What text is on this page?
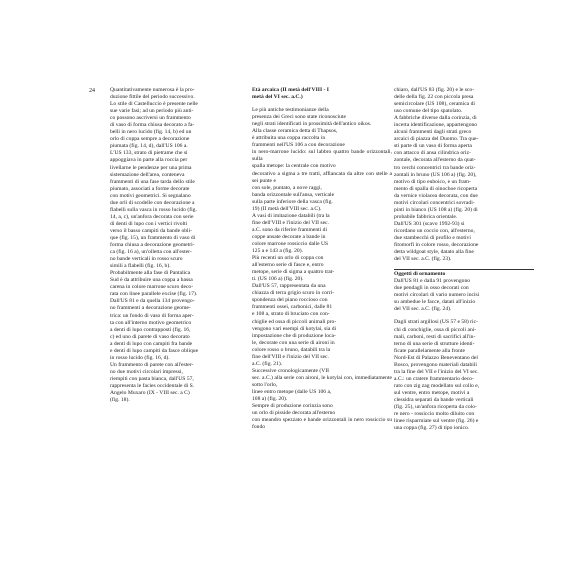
24	Quantitativamente numerosa è la pro-
duzione fittile del periodo successivo.
Lo stile di Castelluccio è presente nelle
sue varie fasi; ad un periodo più anti-
co possono ascriversi un frammento
di vaso di forma chiusa decorato a fa-
belli in nero lucido (fig. 14, b) ed un
orlo di coppa sempre a decorazione
piumata (fig. 14, d), dall'US 106 a.
L'US 133, strato di pietrame che si
appoggiava in parte alla roccia per
livellarne le pendenze per una prima
sistemazione dell'area, conteneva
frammenti di una fase tarda dello stile
piumato, associati a forme decorate
con motivi geometrici. Si segnalano
due orli di scodelle con decorazione a
flabelli sulla vasca in rosso lucido (fig.
14, a, c), un'anfora decorata con serie
di denti di lupo con i vertici rivolti
verso il basso campiti da bande obli-
que (fig. 15), un frammento di vaso di
forma chiusa a decorazione geometri-
ca (fig. 16 a), un'olletta con all'ester-
no bande verticali in rosso scuro
simili a flabelli (fig. 16, b).

Probabilmente alla fase di Pantalica
Sud è da attribuire una coppa a bassa
carena in colore marrone scuro deco-
rata con linee parallele excise (fig. 17).
Dall'US 81 e da quella 134 provengo-
no frammenti a decorazione geome-
trica: un fondo di vaso di forma aper-
ta con all'interno motivo geometrico
a denti di lupo contrapposti (fig. 16,
c) ed uno di parete di vaso decorato
a denti di lupo con campiti fra bande
e denti di lupo campiti da fasce oblique
in rosso lucido (fig. 16, d).

Un frammento di parete con all'ester-
no due motivi circolari impressi,
riempiti con pasta bianca, dall'US 57,
rappresenta le facies occidentale di S.
Angelo Muxaro (IX - VIII sec. a C)
(fig. 18).

Età arcaica (II metà dell'VIII - I
metà del VI sec. a.C.)

Le più antiche testimonianze della
presenza dei Greci sono state riconosciute
negli strati identificati in prossimità dell'antico oikos.
Alla classe ceramica detta di Thapsos,
è attribuita una coppa raccolta in
frammenti nell'US 106 a con decorazione
in nero-marrone lucido: sul labbro quattro bande orizzontali, sulla
spalla metope: la centrale con motivo
decorativo a sigma a tre tratti, affiancata da altre con stelle a sei punte e
con sole, puntato, a nove raggi,
banda orizzontale sull'ansa, verticale
sulla parte inferiore della vasca (fig.
19) (II metà dell'VIII sec. a.C).

A vasi di imitazione databili (tra la
fine dell'VIII e l'inizio del VII sec.
a.C. sono da riferire frammenti di
coppe ansate decorate a bande in
colore marrone rossiccio dalle US
125 a e 143 a (fig. 20).

Più recenti un orlo di coppa con
all'esterno serie di fasce e, entro
metope, serie di sigma a quattro trat-
ti. (US 106 a) (fig. 20).

Dall'US 57, rappresentata da una
chiazza di terra grigio scuro in corri-
spondenza del piano roccioso con
frammenti ossei, carbonici, dalle 81
e 108 a, strato di bruciato con con-
chiglie ed ossa di piccoli animali pro-
vengono vari esempi di kotylai, sia di
impostazione che di produzione loca-
le, decorate con una serie di aironi in
colore rosso o bruno, databili tra la
fine dell'VIII e l'inizio del VII sec.
a.C. (fig. 21).

Successive cronologicamente (VII
sec. a.C.) alla serie con aironi, le kotylai con, immediatamente sotto l'orlo,
linee entro metope (dalle US 106 a,
108 a) (fig. 20).

Sempre di produzione corinzia sono
un orlo di pisside decorata all'esterno
con meandro spezzato e bande orizzontali in nero rossiccio su fondo

chiaro, dall'US 83 (fig. 20) e le sco-
delle della fig. 22 con piccola presa
semicircolare (US 108), ceramica di
uso comune del tipo spatolato.

A fabbriche diverse dalla corinzia, di
incerta identificazione, appartengono
alcuni frammenti dagli strati greco
arcaici di piazza del Duomo. Tra que-
sti parte di un vaso di forma aperta
con attacco di ansa cilindrica oriz-
zontale, decorata all'esterno da quat-
tro cerchi concentrici tra bande oriz-
zontali in bruno (US 106 a) (fig. 20),
motivo di tipo euboico, e un fram-
mento di spalla di oinochoe ricoperta
da vernice violacea decorata, con due
motivi circolari concentrici sovradi-
pinti in bianco (US 108 a) (fig. 20) di
probabile fabbrica orientale.

Dall'US 301 (scavo 1992-93) si
ricordano un coccio con, all'esterno,
due stambecchi di profilo e motivi
fitomorfi in colore rosso, decorazione
detta wildgoat style, datato alla fine
del VII sec. a.C. (fig. 23).

Oggetti di ornamento

Dall'US 81 e dalla 91 provengono
due pendagli in osso decorati con
motivi circolari di vario numero incisi
su ambedue le facce, datati all'inizio
del VII sec. a.C. (fig. 24).

Dagli strati argillosi (US 57 e 58) ric-
chi di conchiglie, ossa di piccoli ani-
mali, carboni, resti di sacrifici all'in-
terno di una serie di strutture identi-
ficate parallelamente alla fronte
Nord-Est di Palazzo Beneventano del
Bosco, provengono materiali databili
tra la fine del VII e l'inizio del VI sec.
a.C.: un cratere frammentario deco-
rato con zig zag modellato sul collo e,
sul ventre, entro metope, motivi a
clessidra separati da bande verticali
(fig. 25), un'anfora ricoperta da colo-
re nero - rossiccio molto diluito con
linee risparmiate sul ventre (fig. 26) e
una coppa (fig. 27) di tipo ionico.
